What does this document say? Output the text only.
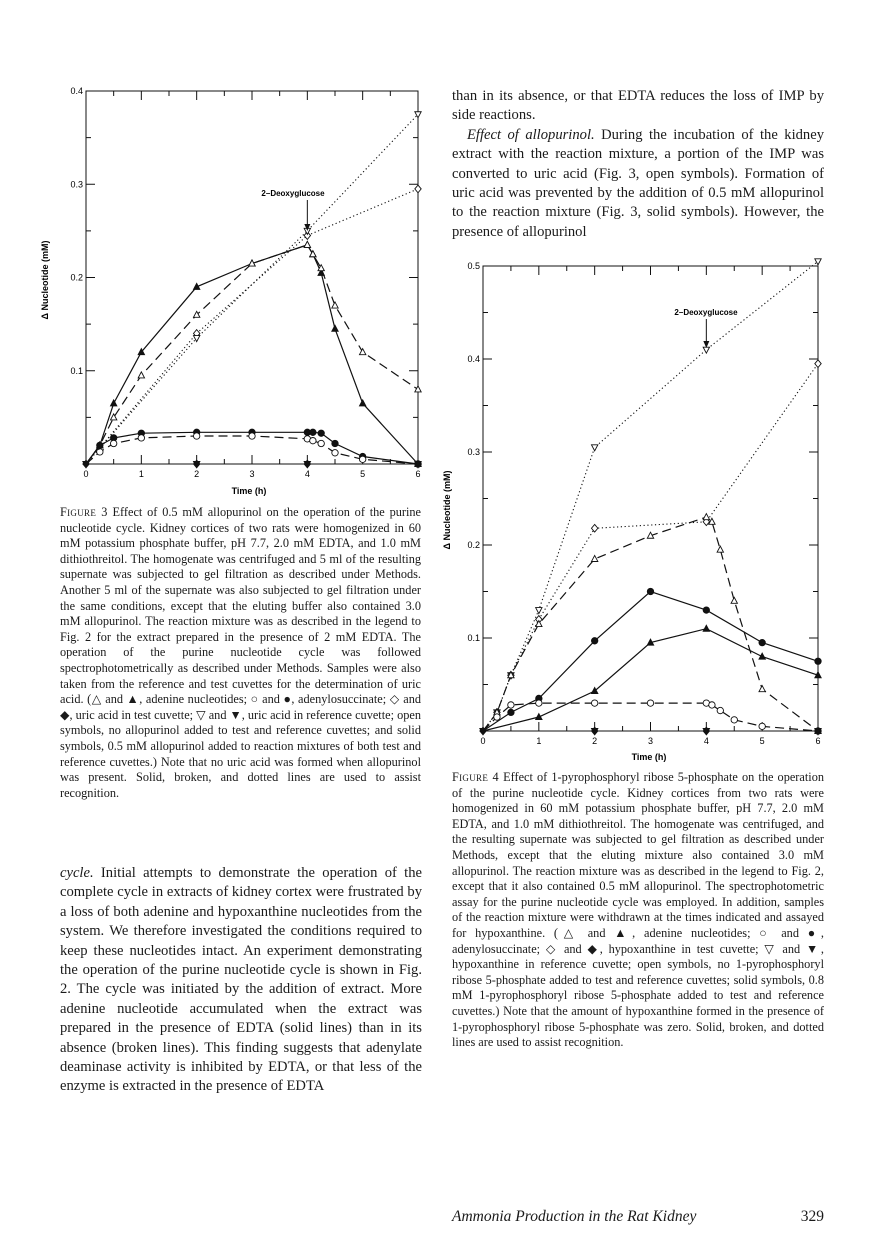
Δ Nucleotide (mM)
Time (h)
2–Deoxyglucose
0	1	2	3	4	5	6
0.4
0.3
0.2
0.1
Δ Nucleotide (mM)
Time (h)
2–Deoxyglucose
0	1	2	3	4	5	6
0.5
0.4
0.3
0.2
0.1
Figure 3 Effect of 0.5 mM allopurinol on the operation of the purine nucleotide cycle. Kidney cortices of two rats were homogenized in 60 mM potassium phosphate buffer, pH 7.7, 2.0 mM EDTA, and 1.0 mM dithiothreitol. The homogenate was centrifuged and 5 ml of the resulting supernate was subjected to gel filtration as described under Methods. Another 5 ml of the supernate was also subjected to gel filtration under the same conditions, except that the eluting buffer also contained 3.0 mM allopurinol. The reaction mixture was as described in the legend to Fig. 2 for the extract prepared in the presence of 2 mM EDTA. The operation of the purine nucleotide cycle was followed spectrophotometrically as described under Methods. Samples were also taken from the reference and test cuvettes for the determination of uric acid. (△ and ▲, adenine nucleotides; ○ and ●, adenylosuccinate; ◇ and ◆, uric acid in test cuvette; ▽ and ▼, uric acid in reference cuvette; open symbols, no allopurinol added to test and reference cuvettes; and solid symbols, 0.5 mM allopurinol added to reaction mixtures of both test and reference cuvettes.) Note that no uric acid was formed when allopurinol was present. Solid, broken, and dotted lines are used to assist recognition.

cycle. Initial attempts to demonstrate the operation of the complete cycle in extracts of kidney cortex were frustrated by a loss of both adenine and hypoxanthine nucleotides from the system. We therefore investigated the conditions required to keep these nucleotides intact. An experiment demonstrating the operation of the purine nucleotide cycle is shown in Fig. 2. The cycle was initiated by the addition of extract. More adenine nucleotide accumulated when the extract was prepared in the presence of EDTA (solid lines) than in its absence (broken lines). This finding suggests that adenylate deaminase activity is inhibited by EDTA, or that less of the enzyme is extracted in the presence of EDTA

than in its absence, or that EDTA reduces the loss of IMP by side reactions.

Effect of allopurinol. During the incubation of the kidney extract with the reaction mixture, a portion of the IMP was converted to uric acid (Fig. 3, open symbols). Formation of uric acid was prevented by the addition of 0.5 mM allopurinol to the reaction mixture (Fig. 3, solid symbols). However, the presence of allopurinol

Figure 4 Effect of 1-pyrophosphoryl ribose 5-phosphate on the operation of the purine nucleotide cycle. Kidney cortices from two rats were homogenized in 60 mM potassium phosphate buffer, pH 7.7, 2.0 mM EDTA, and 1.0 mM dithiothreitol. The homogenate was centrifuged, and the resulting supernate was subjected to gel filtration as described under Methods, except that the eluting mixture also contained 3.0 mM allopurinol. The reaction mixture was as described in the legend to Fig. 2, except that it also contained 0.5 mM allopurinol. The spectrophotometric assay for the purine nucleotide cycle was employed. In addition, samples of the reaction mixture were withdrawn at the times indicated and assayed for hypoxanthine. (△ and ▲, adenine nucleotides; ○ and ●, adenylosuccinate; ◇ and ◆, hypoxanthine in test cuvette; ▽ and ▼, hypoxanthine in reference cuvette; open symbols, no 1-pyrophosphoryl ribose 5-phosphate added to test and reference cuvettes; solid symbols, 0.8 mM 1-pyrophosphoryl ribose 5-phosphate added to test and reference cuvettes.) Note that the amount of hypoxanthine formed in the presence of 1-pyrophosphoryl ribose 5-phosphate was zero. Solid, broken, and dotted lines are used to assist recognition.
Ammonia Production in the Rat Kidney	329
